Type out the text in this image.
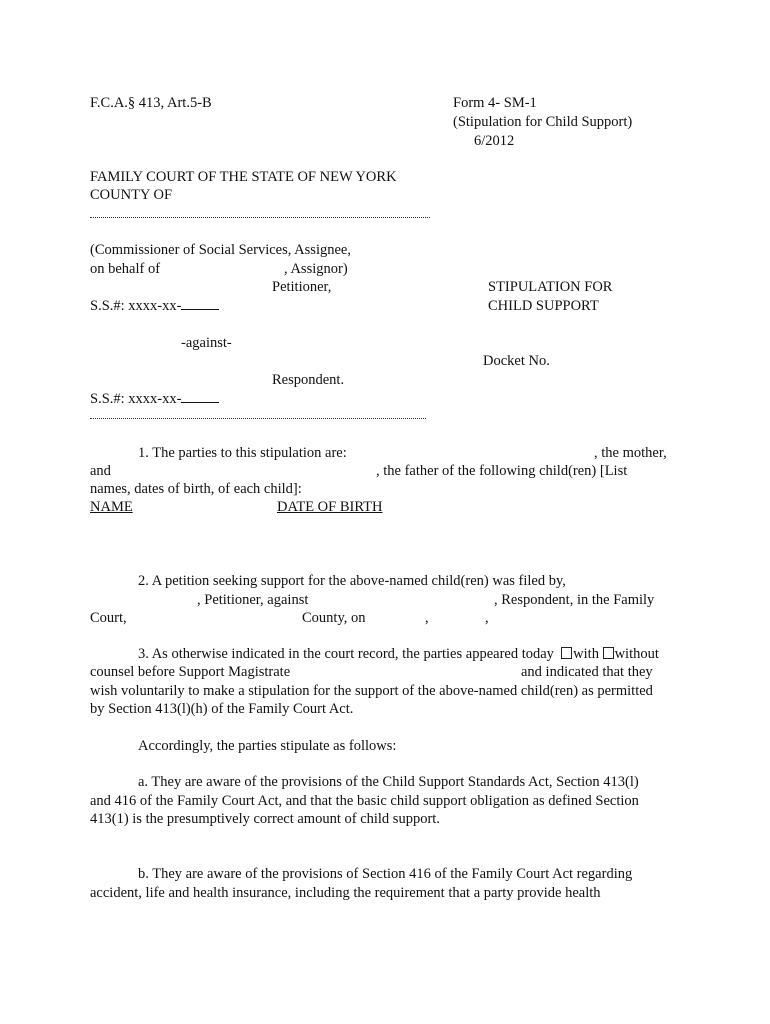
F.C.A.§ 413, Art.5-B	Form 4- SM-1
(Stipulation for Child Support)
6/2012
FAMILY COURT OF THE STATE OF NEW YORK
COUNTY OF
(Commissioner of Social Services, Assignee,
on behalf of	, Assignor)
Petitioner,
S.S.#: xxxx-xx-
STIPULATION FOR
CHILD SUPPORT
-against-
Docket No.
Respondent.
S.S.#: xxxx-xx-
1. The parties to this stipulation are:	, the mother,
and	, the father of the following child(ren) [List
names, dates of birth, of each child]:
NAME	DATE OF BIRTH
2. A petition seeking support for the above-named child(ren) was filed by,
, Petitioner, against	, Respondent, in the Family
Court,	County, on	,	,
3. As otherwise indicated in the court record, the parties appeared today with without
counsel before Support Magistrate	and indicated that they
wish voluntarily to make a stipulation for the support of the above-named child(ren) as permitted
by Section 413(l)(h) of the Family Court Act.
Accordingly, the parties stipulate as follows:
a. They are aware of the provisions of the Child Support Standards Act, Section 413(l)
and 416 of the Family Court Act, and that the basic child support obligation as defined Section
413(1) is the presumptively correct amount of child support.
b. They are aware of the provisions of Section 416 of the Family Court Act regarding
accident, life and health insurance, including the requirement that a party provide health
